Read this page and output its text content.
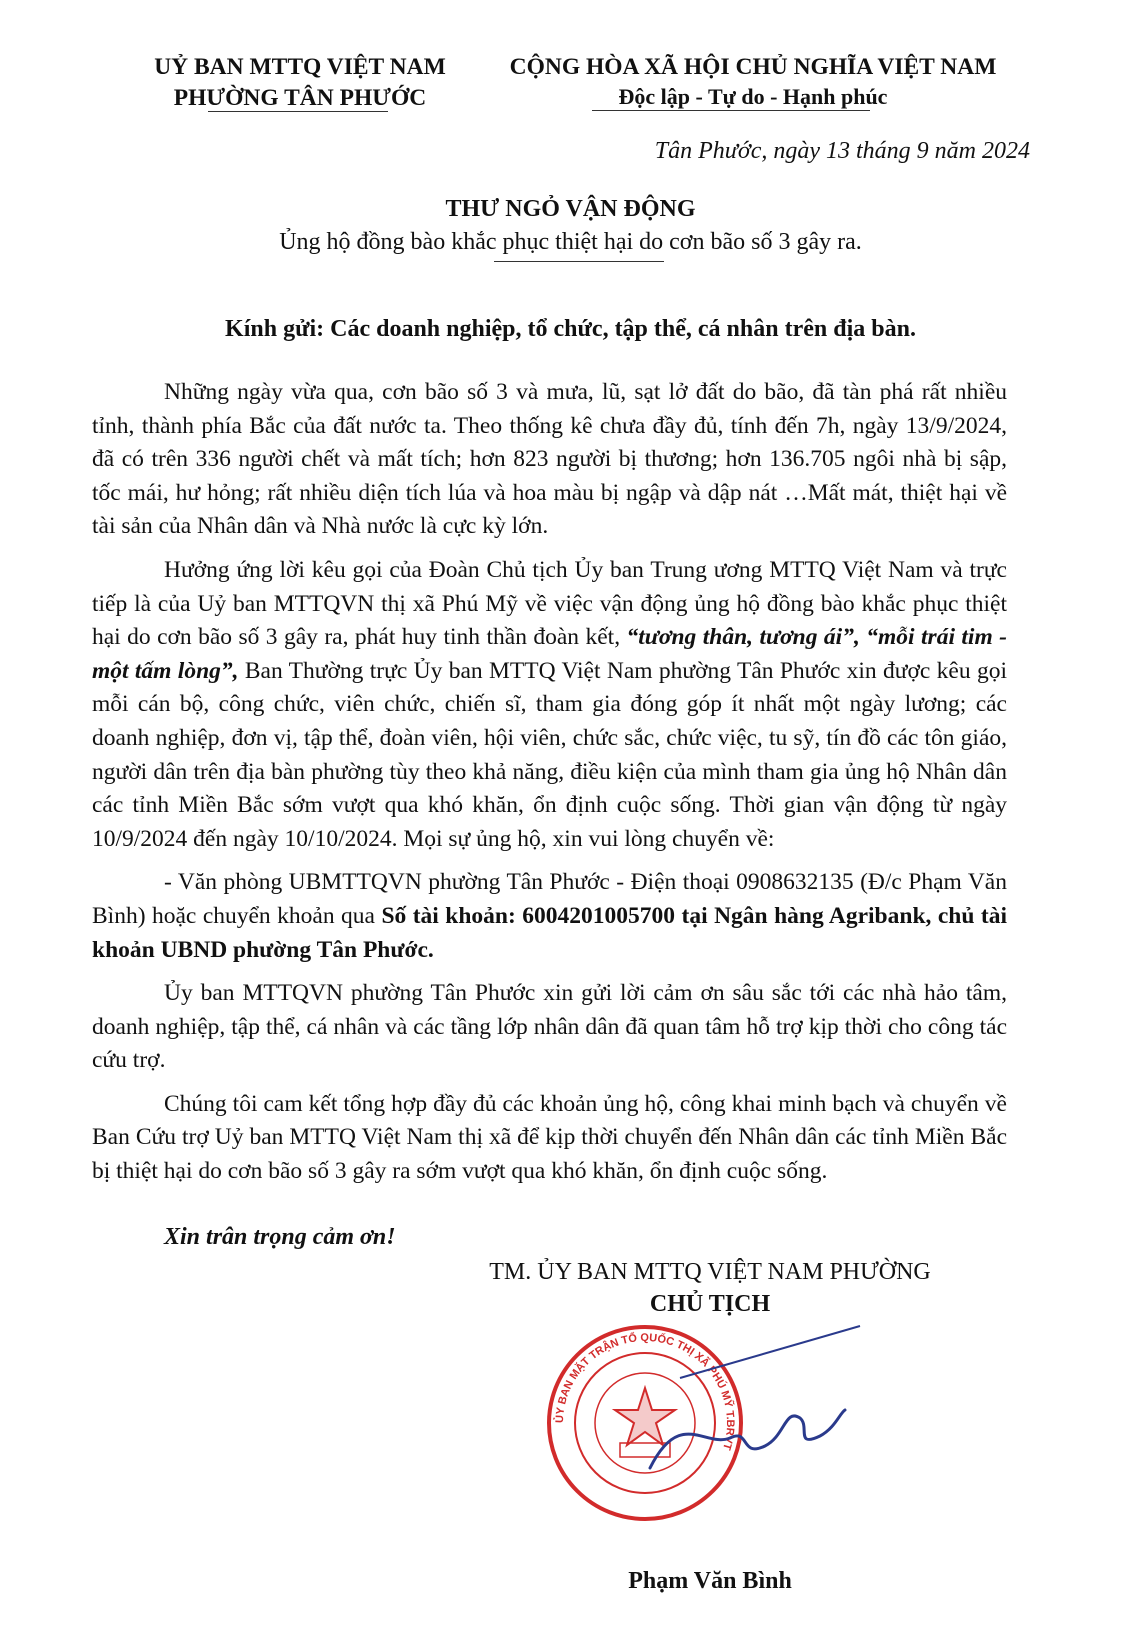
UỶ BAN MTTQ VIỆT NAM
PHƯỜNG TÂN PHƯỚC
CỘNG HÒA XÃ HỘI CHỦ NGHĨA VIỆT NAM
Độc lập - Tự do - Hạnh phúc
Tân Phước, ngày 13 tháng 9 năm 2024
THƯ NGỎ VẬN ĐỘNG
Ủng hộ đồng bào khắc phục thiệt hại do cơn bão số 3 gây ra.
Kính gửi: Các doanh nghiệp, tổ chức, tập thể, cá nhân trên địa bàn.

Những ngày vừa qua, cơn bão số 3 và mưa, lũ, sạt lở đất do bão, đã tàn phá rất nhiều tỉnh, thành phía Bắc của đất nước ta. Theo thống kê chưa đầy đủ, tính đến 7h, ngày 13/9/2024, đã có trên 336 người chết và mất tích; hơn 823 người bị thương; hơn 136.705 ngôi nhà bị sập, tốc mái, hư hỏng; rất nhiều diện tích lúa và hoa màu bị ngập và dập nát …Mất mát, thiệt hại về tài sản của Nhân dân và Nhà nước là cực kỳ lớn.

Hưởng ứng lời kêu gọi của Đoàn Chủ tịch Ủy ban Trung ương MTTQ Việt Nam và trực tiếp là của Uỷ ban MTTQVN thị xã Phú Mỹ về việc vận động ủng hộ đồng bào khắc phục thiệt hại do cơn bão số 3 gây ra, phát huy tinh thần đoàn kết, “tương thân, tương ái”, “mỗi trái tim - một tấm lòng”, Ban Thường trực Ủy ban MTTQ Việt Nam phường Tân Phước xin được kêu gọi mỗi cán bộ, công chức, viên chức, chiến sĩ, tham gia đóng góp ít nhất một ngày lương; các doanh nghiệp, đơn vị, tập thể, đoàn viên, hội viên, chức sắc, chức việc, tu sỹ, tín đồ các tôn giáo, người dân trên địa bàn phường tùy theo khả năng, điều kiện của mình tham gia ủng hộ Nhân dân các tỉnh Miền Bắc sớm vượt qua khó khăn, ổn định cuộc sống. Thời gian vận động từ ngày 10/9/2024 đến ngày 10/10/2024. Mọi sự ủng hộ, xin vui lòng chuyển về:

- Văn phòng UBMTTQVN phường Tân Phước - Điện thoại 0908632135 (Đ/c Phạm Văn Bình) hoặc chuyển khoản qua Số tài khoản: 6004201005700 tại Ngân hàng Agribank, chủ tài khoản UBND phường Tân Phước.

Ủy ban MTTQVN phường Tân Phước xin gửi lời cảm ơn sâu sắc tới các nhà hảo tâm, doanh nghiệp, tập thể, cá nhân và các tầng lớp nhân dân đã quan tâm hỗ trợ kịp thời cho công tác cứu trợ.

Chúng tôi cam kết tổng hợp đầy đủ các khoản ủng hộ, công khai minh bạch và chuyển về Ban Cứu trợ Uỷ ban MTTQ Việt Nam thị xã để kịp thời chuyển đến Nhân dân các tỉnh Miền Bắc bị thiệt hại do cơn bão số 3 gây ra sớm vượt qua khó khăn, ổn định cuộc sống.

Xin trân trọng cảm ơn!
TM. ỦY BAN MTTQ VIỆT NAM PHƯỜNG
CHỦ TỊCH
ỦY BAN MẶT TRẬN TỔ QUỐC THỊ XÃ PHÚ MỸ T.BRVT
Phạm Văn Bình
